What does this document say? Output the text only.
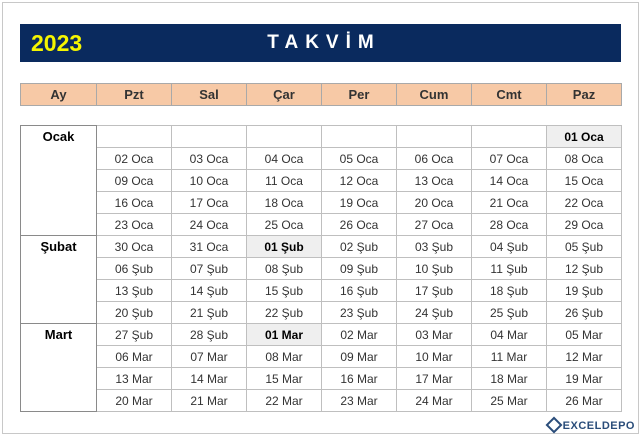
2023	TAKVİM
Ay	Pzt	Sal	Çar	Per	Cum	Cmt	Paz
Ocak							01 Oca
	02 Oca	03 Oca	04 Oca	05 Oca	06 Oca	07 Oca	08 Oca
	09 Oca	10 Oca	11 Oca	12 Oca	13 Oca	14 Oca	15 Oca
	16 Oca	17 Oca	18 Oca	19 Oca	20 Oca	21 Oca	22 Oca
	23 Oca	24 Oca	25 Oca	26 Oca	27 Oca	28 Oca	29 Oca
Şubat	30 Oca	31 Oca	01 Şub	02 Şub	03 Şub	04 Şub	05 Şub
	06 Şub	07 Şub	08 Şub	09 Şub	10 Şub	11 Şub	12 Şub
	13 Şub	14 Şub	15 Şub	16 Şub	17 Şub	18 Şub	19 Şub
	20 Şub	21 Şub	22 Şub	23 Şub	24 Şub	25 Şub	26 Şub
Mart	27 Şub	28 Şub	01 Mar	02 Mar	03 Mar	04 Mar	05 Mar
	06 Mar	07 Mar	08 Mar	09 Mar	10 Mar	11 Mar	12 Mar
	13 Mar	14 Mar	15 Mar	16 Mar	17 Mar	18 Mar	19 Mar
	20 Mar	21 Mar	22 Mar	23 Mar	24 Mar	25 Mar	26 Mar
EXCELDEPO
